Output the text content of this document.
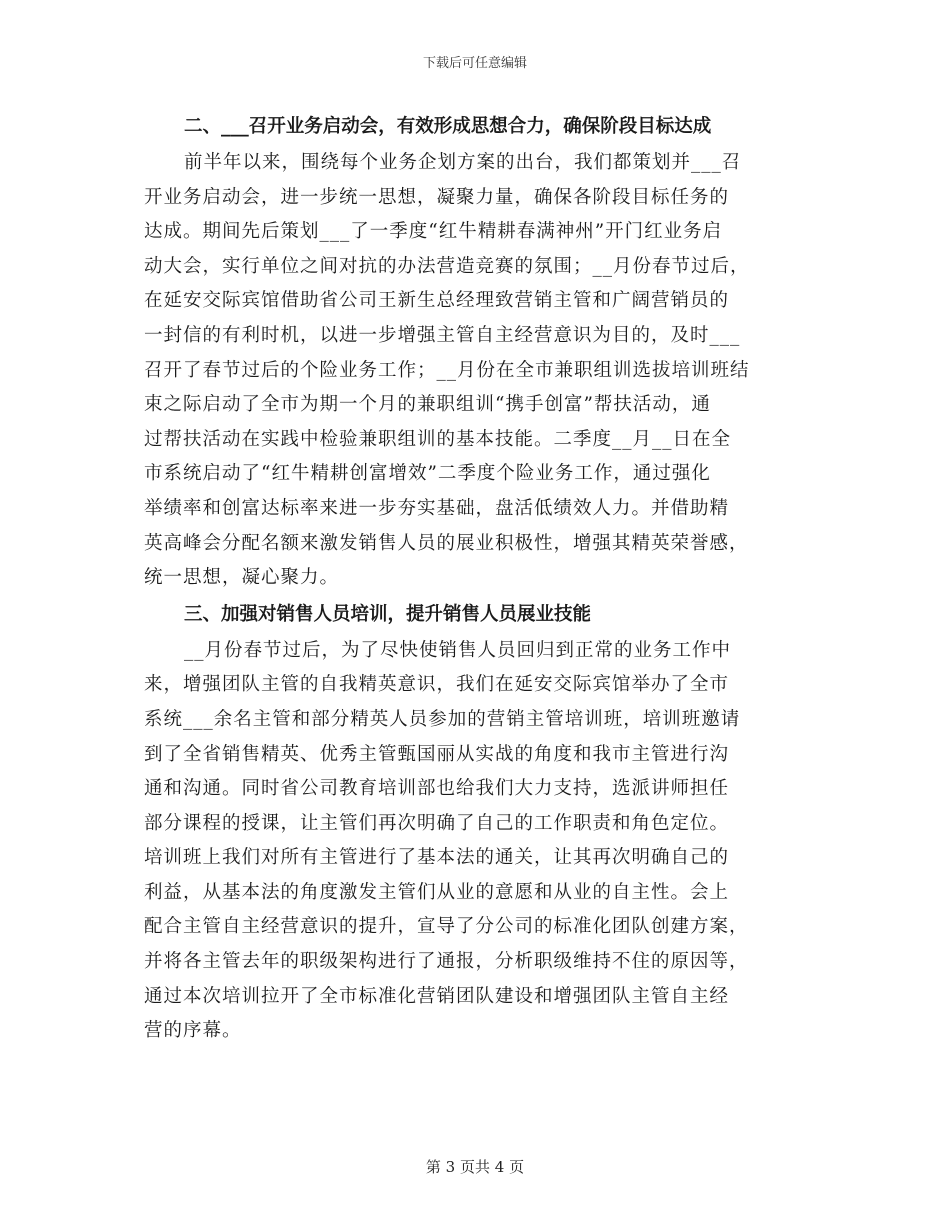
下载后可任意编辑

二、___召开业务启动会，有效形成思想合力，确保阶段目标达成

前半年以来，围绕每个业务企划方案的出台，我们都策划并___召
开业务启动会，进一步统一思想，凝聚力量，确保各阶段目标任务的
达成。期间先后策划___了一季度“红牛精耕春满神州”开门红业务启
动大会，实行单位之间对抗的办法营造竞赛的氛围；__月份春节过后，
在延安交际宾馆借助省公司王新生总经理致营销主管和广阔营销员的
一封信的有利时机，以进一步增强主管自主经营意识为目的，及时___
召开了春节过后的个险业务工作；__月份在全市兼职组训选拔培训班结
束之际启动了全市为期一个月的兼职组训“携手创富”帮扶活动，通
过帮扶活动在实践中检验兼职组训的基本技能。二季度__月__日在全
市系统启动了“红牛精耕创富增效”二季度个险业务工作，通过强化
举绩率和创富达标率来进一步夯实基础，盘活低绩效人力。并借助精
英高峰会分配名额来激发销售人员的展业积极性，增强其精英荣誉感，
统一思想，凝心聚力。

三、加强对销售人员培训，提升销售人员展业技能

__月份春节过后，为了尽快使销售人员回归到正常的业务工作中
来，增强团队主管的自我精英意识，我们在延安交际宾馆举办了全市
系统___余名主管和部分精英人员参加的营销主管培训班，培训班邀请
到了全省销售精英、优秀主管甄国丽从实战的角度和我市主管进行沟
通和沟通。同时省公司教育培训部也给我们大力支持，选派讲师担任
部分课程的授课，让主管们再次明确了自己的工作职责和角色定位。
培训班上我们对所有主管进行了基本法的通关，让其再次明确自己的
利益，从基本法的角度激发主管们从业的意愿和从业的自主性。会上
配合主管自主经营意识的提升，宣导了分公司的标准化团队创建方案，
并将各主管去年的职级架构进行了通报，分析职级维持不住的原因等，
通过本次培训拉开了全市标准化营销团队建设和增强团队主管自主经
营的序幕。
第 3 页共 4 页
